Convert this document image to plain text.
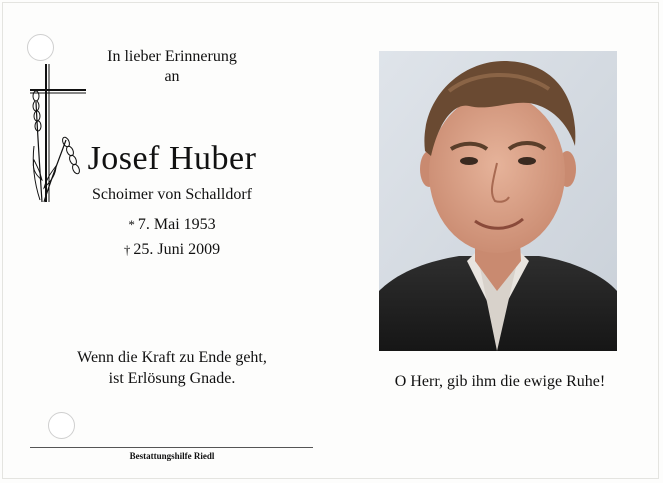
In lieber Erinnerung
an
Josef Huber
Schoimer von Schalldorf
* 7. Mai 1953
† 25. Juni 2009
Wenn die Kraft zu Ende geht,
ist Erlösung Gnade.	O Herr, gib ihm die ewige Ruhe!
Bestattungshilfe Riedl
